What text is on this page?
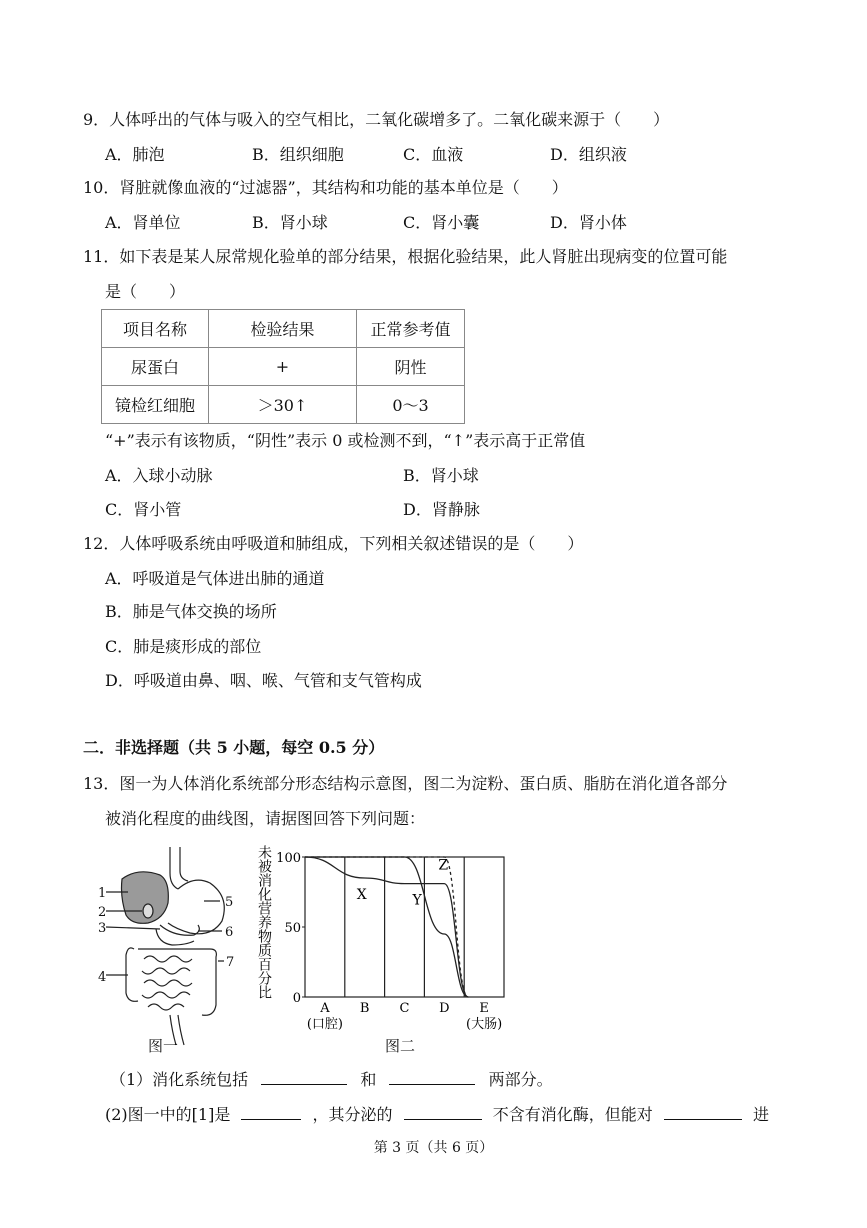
9．人体呼出的气体与吸入的空气相比，二氧化碳增多了。二氧化碳来源于（　　）
A．肺泡	B．组织细胞	C．血液	D．组织液
10．肾脏就像血液的“过滤器”，其结构和功能的基本单位是（　　）
A．肾单位	B．肾小球	C．肾小囊	D．肾小体
11．如下表是某人尿常规化验单的部分结果，根据化验结果，此人肾脏出现病变的位置可能
是（　　）
项目名称	检验结果	正常参考值
尿蛋白	+	阴性
镜检红细胞	＞30↑	0～3
“+”表示有该物质，“阴性”表示 0 或检测不到，“↑”表示高于正常值
A．入球小动脉	B．肾小球
C．肾小管	D．肾静脉
12．人体呼吸系统由呼吸道和肺组成，下列相关叙述错误的是（　　）
A．呼吸道是气体进出肺的通道
B．肺是气体交换的场所
C．肺是痰形成的部位
D．呼吸道由鼻、咽、喉、气管和支气管构成
二．非选择题（共 5 小题，每空 0.5 分）
13．图一为人体消化系统部分形态结构示意图，图二为淀粉、蛋白质、脂肪在消化道各部分
被消化程度的曲线图，请据图回答下列问题：
1
2
3
4
5
6
7
图一
未被消化营养物质百分比 100
50
0
A B C D E
(口腔)	(大肠)
X	Y
Z
图二
（1）消化系统包括	和	两部分。
(2)图一中的[1]是	，其分泌的	不含有消化酶，但能对	进
第 3 页（共 6 页）
